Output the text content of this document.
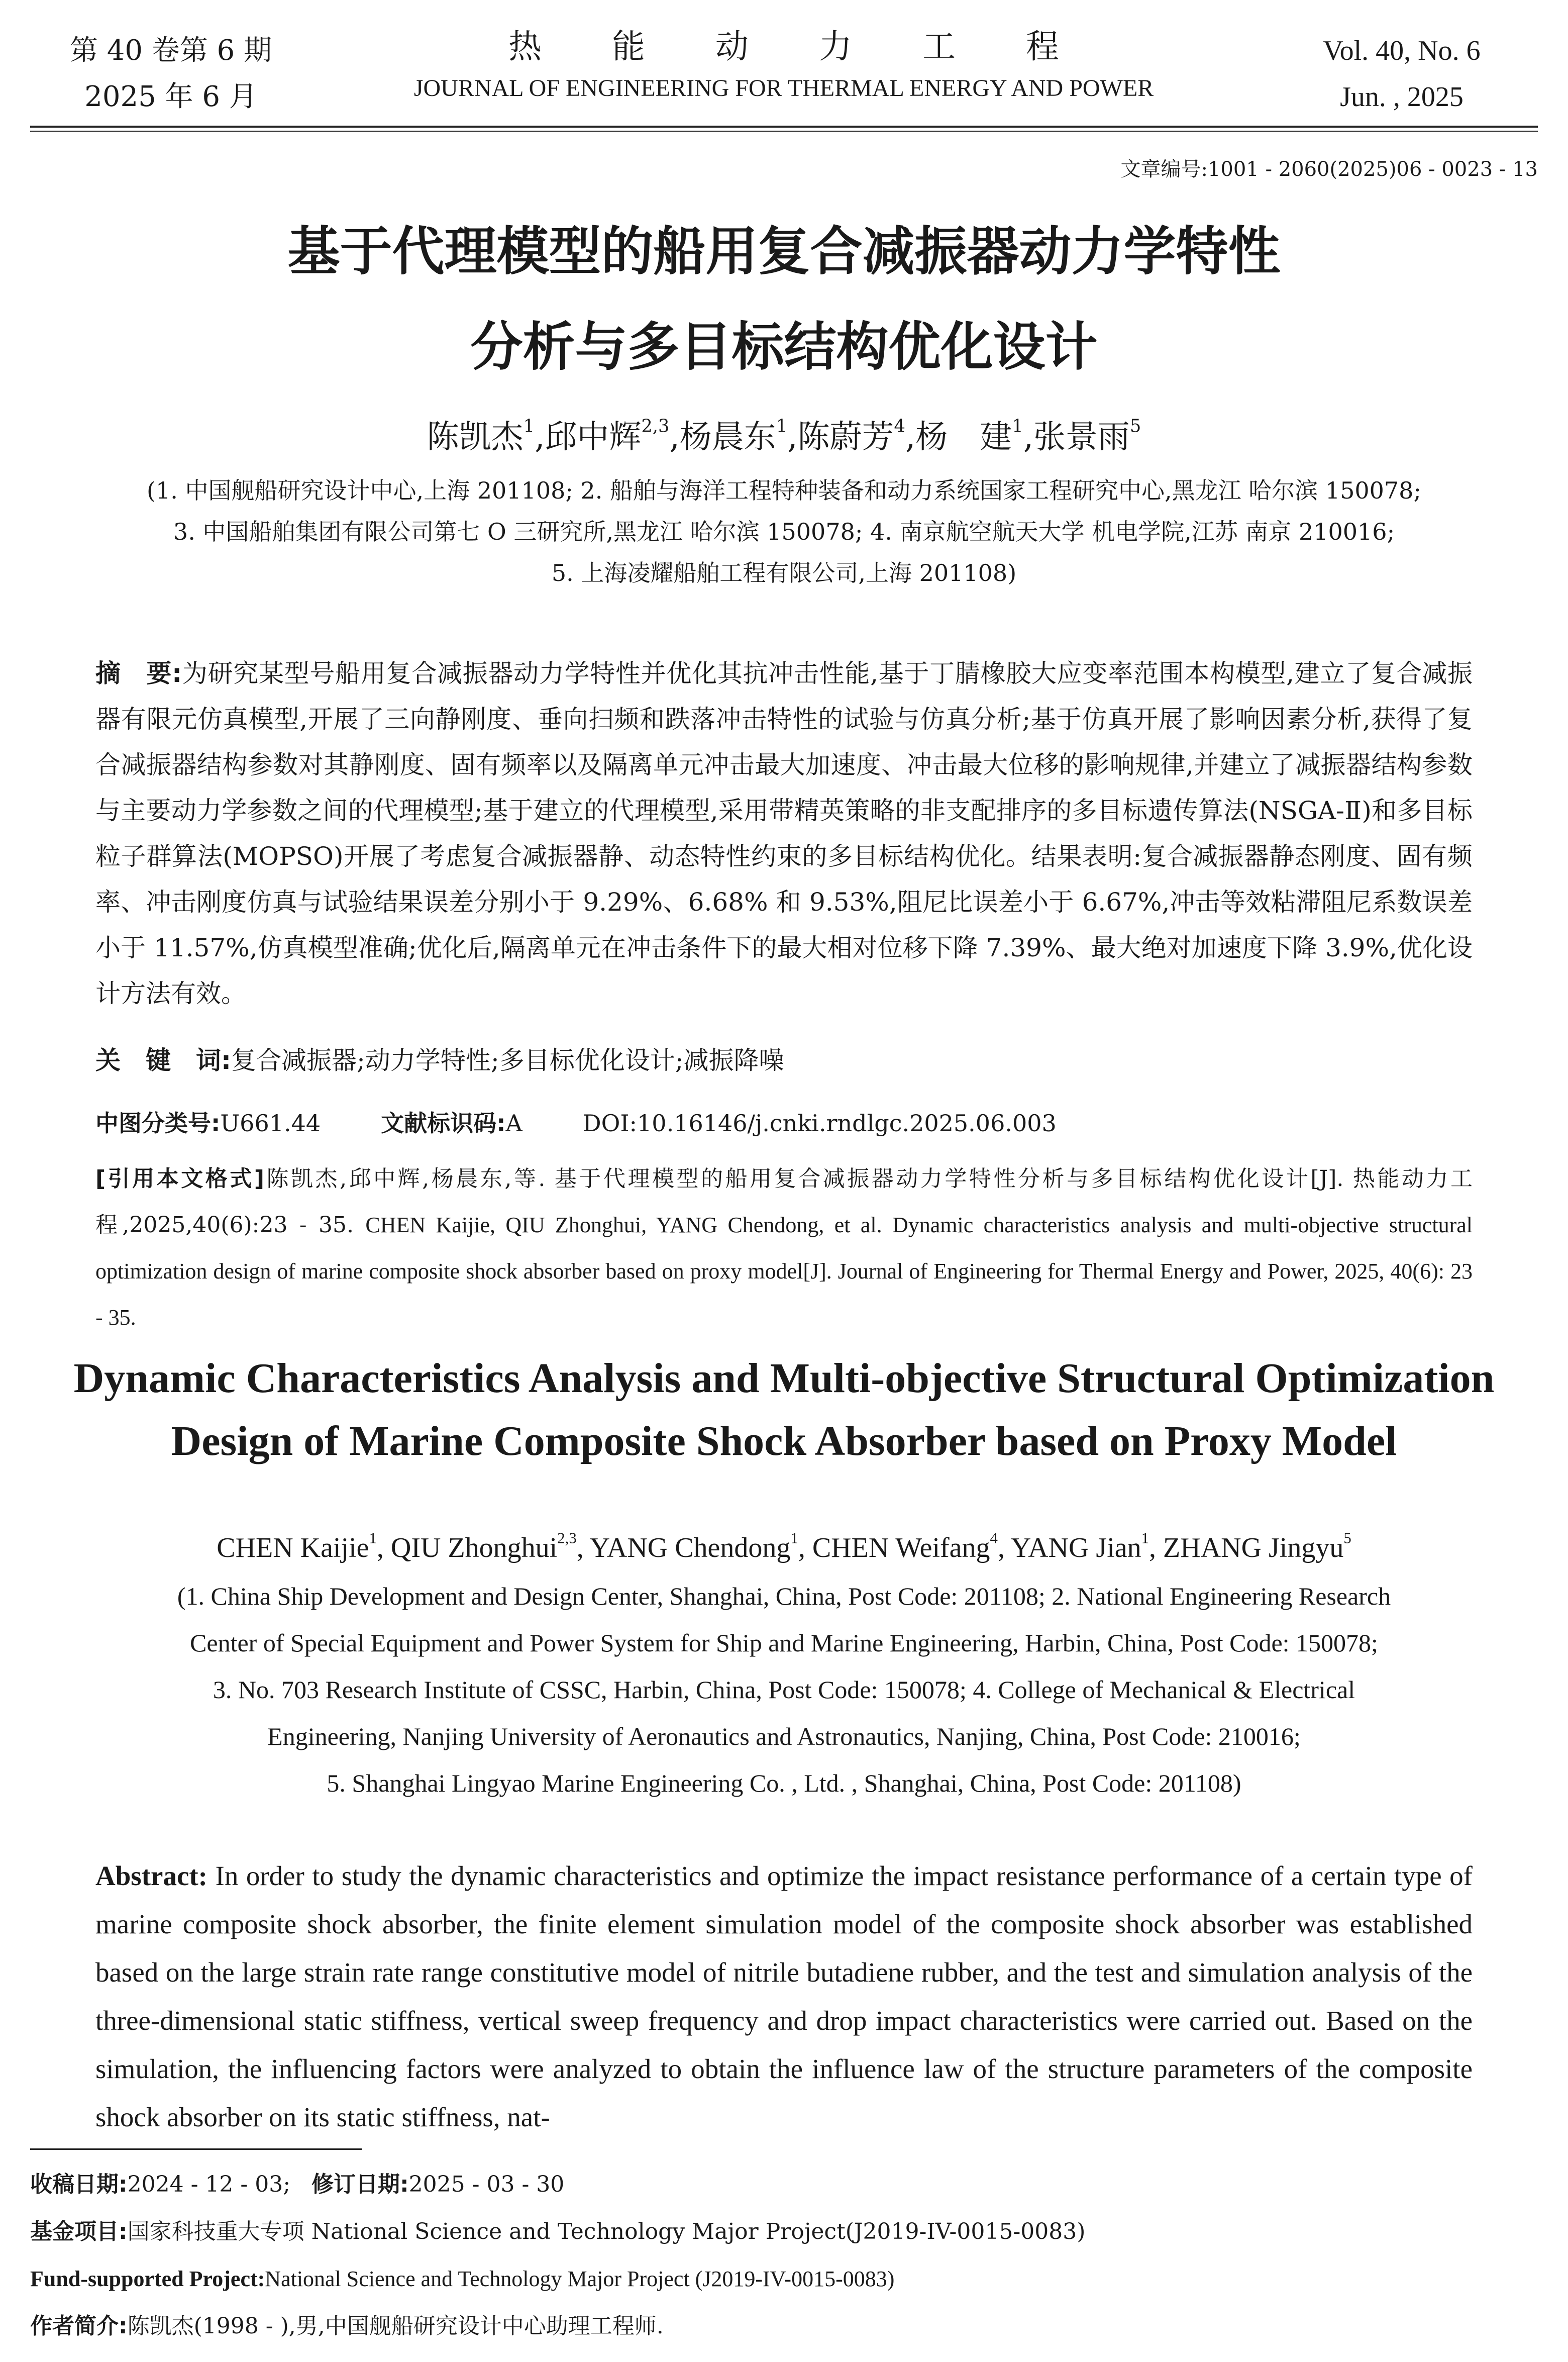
第 40 卷第 6 期
2025 年 6 月
热能动力工程
JOURNAL OF ENGINEERING FOR THERMAL ENERGY AND POWER
Vol. 40, No. 6
Jun. , 2025
文章编号:1001 - 2060(2025)06 - 0023 - 13
基于代理模型的船用复合减振器动力学特性
分析与多目标结构优化设计
陈凯杰$^1$,邱中辉$^{2,3}$,杨晨东$^1$,陈蔚芳$^4$,杨　建$^1$,张景雨$^5$
(1. 中国舰船研究设计中心,上海 201108; 2. 船舶与海洋工程特种装备和动力系统国家工程研究中心,黑龙江 哈尔滨 150078;
3. 中国船舶集团有限公司第七 O 三研究所,黑龙江 哈尔滨 150078; 4. 南京航空航天大学 机电学院,江苏 南京 210016;
5. 上海凌耀船舶工程有限公司,上海 201108)
摘　要:为研究某型号船用复合减振器动力学特性并优化其抗冲击性能,基于丁腈橡胶大应变率范围本构模型,建立了复合减振器有限元仿真模型,开展了三向静刚度、垂向扫频和跌落冲击特性的试验与仿真分析;基于仿真开展了影响因素分析,获得了复合减振器结构参数对其静刚度、固有频率以及隔离单元冲击最大加速度、冲击最大位移的影响规律,并建立了减振器结构参数与主要动力学参数之间的代理模型;基于建立的代理模型,采用带精英策略的非支配排序的多目标遗传算法(NSGA-Ⅱ)和多目标粒子群算法(MOPSO)开展了考虑复合减振器静、动态特性约束的多目标结构优化。结果表明:复合减振器静态刚度、固有频率、冲击刚度仿真与试验结果误差分别小于 9.29%、6.68% 和 9.53%,阻尼比误差小于 6.67%,冲击等效粘滞阻尼系数误差小于 11.57%,仿真模型准确;优化后,隔离单元在冲击条件下的最大相对位移下降 7.39%、最大绝对加速度下降 3.9%,优化设计方法有效。
关　键　词:复合减振器;动力学特性;多目标优化设计;减振降噪
中图分类号:U661.44	文献标识码:A	DOI:10.16146/j.cnki.rndlgc.2025.06.003
[引用本文格式]陈凯杰,邱中辉,杨晨东,等. 基于代理模型的船用复合减振器动力学特性分析与多目标结构优化设计[J]. 热能动力工程,2025,40(6):23 - 35. CHEN Kaijie, QIU Zhonghui, YANG Chendong, et al. Dynamic characteristics analysis and multi-objective structural optimization design of marine composite shock absorber based on proxy model[J]. Journal of Engineering for Thermal Energy and Power, 2025, 40(6): 23 - 35.
Dynamic Characteristics Analysis and Multi-objective Structural Optimization
Design of Marine Composite Shock Absorber based on Proxy Model
CHEN Kaijie$^1$, QIU Zhonghui$^{2,3}$, YANG Chendong$^1$, CHEN Weifang$^4$, YANG Jian$^1$, ZHANG Jingyu$^5$
(1. China Ship Development and Design Center, Shanghai, China, Post Code: 201108; 2. National Engineering Research
Center of Special Equipment and Power System for Ship and Marine Engineering, Harbin, China, Post Code: 150078;
3. No. 703 Research Institute of CSSC, Harbin, China, Post Code: 150078; 4. College of Mechanical & Electrical
Engineering, Nanjing University of Aeronautics and Astronautics, Nanjing, China, Post Code: 210016;
5. Shanghai Lingyao Marine Engineering Co. , Ltd. , Shanghai, China, Post Code: 201108)
Abstract: In order to study the dynamic characteristics and optimize the impact resistance performance of a certain type of marine composite shock absorber, the finite element simulation model of the composite shock absorber was established based on the large strain rate range constitutive model of nitrile butadiene rubber, and the test and simulation analysis of the three-dimensional static stiffness, vertical sweep frequency and drop impact characteristics were carried out. Based on the simulation, the influencing factors were analyzed to obtain the influence law of the structure parameters of the composite shock absorber on its static stiffness, nat-
收稿日期:2024 - 12 - 03; 修订日期:2025 - 03 - 30
基金项目:国家科技重大专项 National Science and Technology Major Project(J2019-IV-0015-0083)
Fund-supported Project:National Science and Technology Major Project (J2019-IV-0015-0083)
作者简介:陈凯杰(1998 - ),男,中国舰船研究设计中心助理工程师.
